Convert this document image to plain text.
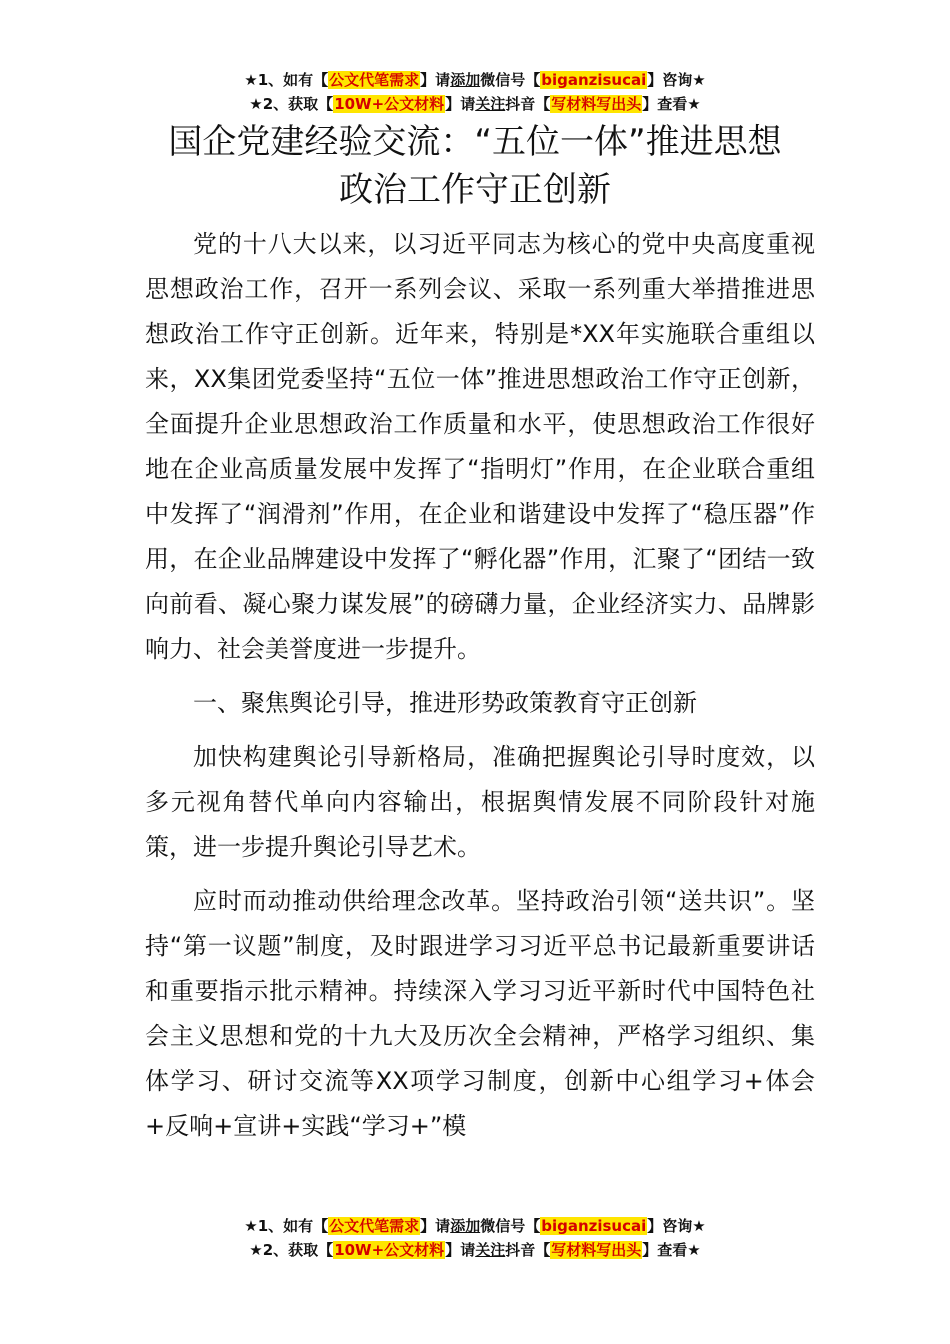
★1、如有【公文代笔需求】请添加微信号【biganzisucai】咨询★
★2、获取【10W+公文材料】请关注抖音【写材料写出头】查看★
国企党建经验交流：“五位一体”推进思想
政治工作守正创新

党的十八大以来，以习近平同志为核心的党中央高度重视思想政治工作，召开一系列会议、采取一系列重大举措推进思想政治工作守正创新。近年来，特别是*XX年实施联合重组以来，XX集团党委坚持“五位一体”推进思想政治工作守正创新，全面提升企业思想政治工作质量和水平，使思想政治工作很好地在企业高质量发展中发挥了“指明灯”作用，在企业联合重组中发挥了“润滑剂”作用，在企业和谐建设中发挥了“稳压器”作用，在企业品牌建设中发挥了“孵化器”作用，汇聚了“团结一致向前看、凝心聚力谋发展”的磅礴力量，企业经济实力、品牌影响力、社会美誉度进一步提升。

一、聚焦舆论引导，推进形势政策教育守正创新

加快构建舆论引导新格局，准确把握舆论引导时度效，以多元视角替代单向内容输出，根据舆情发展不同阶段针对施策，进一步提升舆论引导艺术。

应时而动推动供给理念改革。坚持政治引领“送共识”。坚持“第一议题”制度，及时跟进学习习近平总书记最新重要讲话和重要指示批示精神。持续深入学习习近平新时代中国特色社会主义思想和党的十九大及历次全会精神，严格学习组织、集体学习、研讨交流等XX项学习制度，创新中心组学习+体会+反响+宣讲+实践“学习+”模

★1、如有【公文代笔需求】请添加微信号【biganzisucai】咨询★
★2、获取【10W+公文材料】请关注抖音【写材料写出头】查看★
